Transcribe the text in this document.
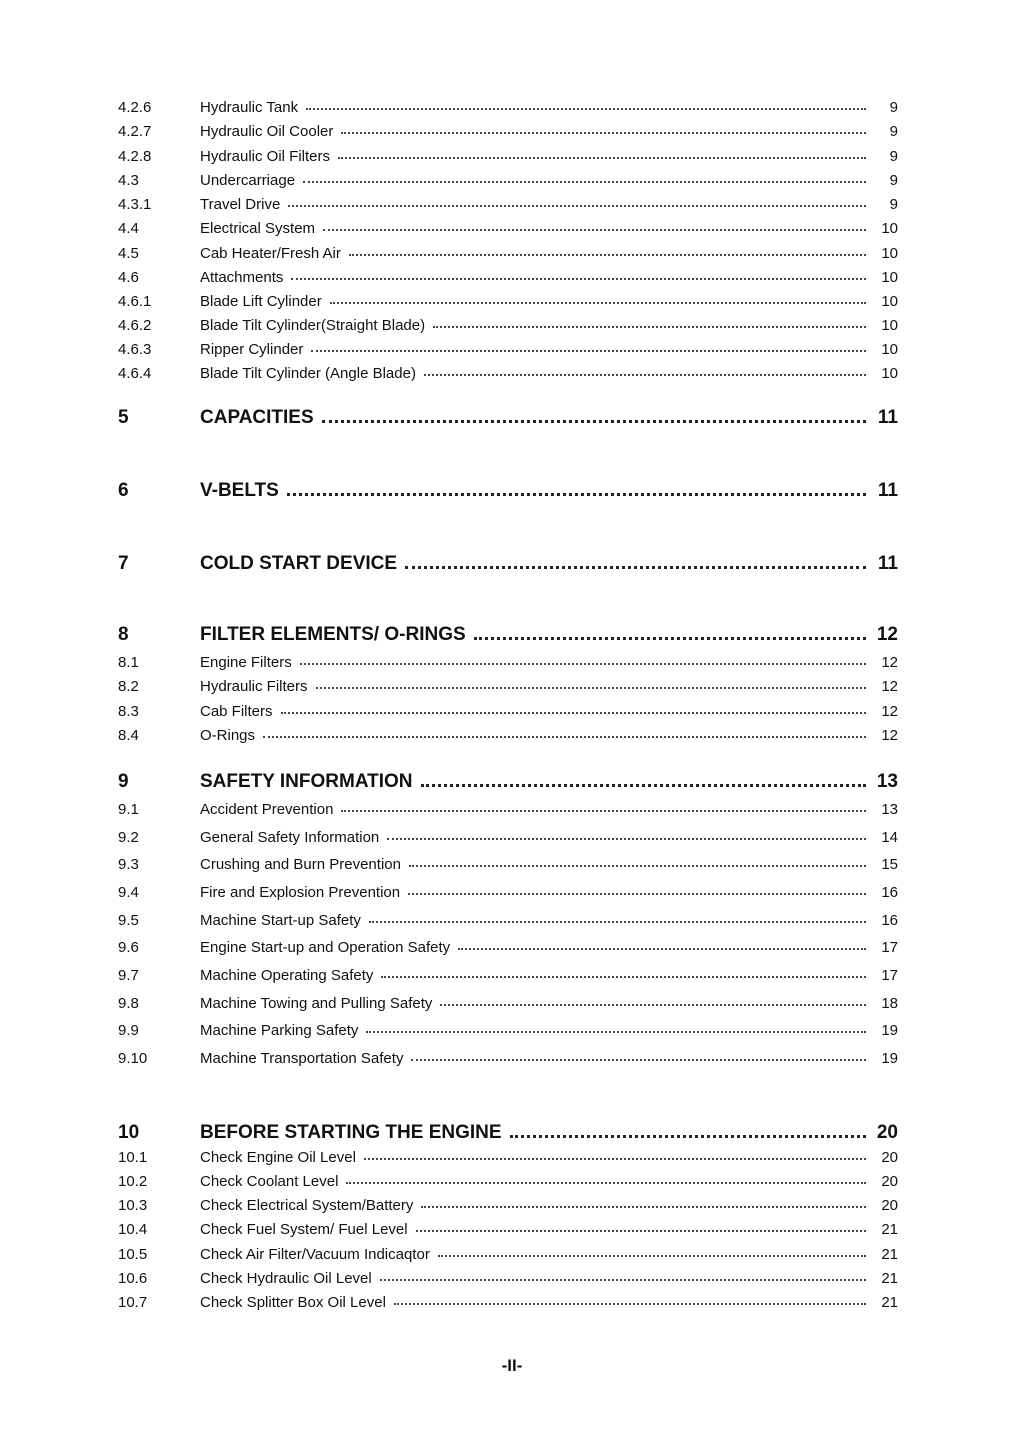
4.2.6	Hydraulic Tank	9
4.2.7	Hydraulic Oil Cooler	9
4.2.8	Hydraulic Oil Filters	9
4.3	Undercarriage	9
4.3.1	Travel Drive	9
4.4	Electrical System	10
4.5	Cab Heater/Fresh Air	10
4.6	Attachments	10
4.6.1	Blade Lift Cylinder	10
4.6.2	Blade Tilt Cylinder(Straight Blade)	10
4.6.3	Ripper Cylinder	10
4.6.4	Blade Tilt Cylinder (Angle Blade)	10
5	CAPACITIES	11
6	V-BELTS	11
7	COLD START DEVICE	11
8	FILTER ELEMENTS/ O-RINGS	12
8.1	Engine Filters	12
8.2	Hydraulic Filters	12
8.3	Cab Filters	12
8.4	O-Rings	12
9	SAFETY INFORMATION	13
9.1	Accident Prevention	13
9.2	General Safety Information	14
9.3	Crushing and Burn Prevention	15
9.4	Fire and Explosion Prevention	16
9.5	Machine Start-up Safety	16
9.6	Engine Start-up and Operation Safety	17
9.7	Machine Operating Safety	17
9.8	Machine Towing and Pulling Safety	18
9.9	Machine Parking Safety	19
9.10	Machine Transportation Safety	19
10	BEFORE STARTING THE ENGINE	20
10.1	Check Engine Oil Level	20
10.2	Check Coolant Level	20
10.3	Check Electrical System/Battery	20
10.4	Check Fuel System/ Fuel Level	21
10.5	Check Air Filter/Vacuum Indicaqtor	21
10.6	Check Hydraulic Oil Level	21
10.7	Check Splitter Box Oil Level	21
-II-
